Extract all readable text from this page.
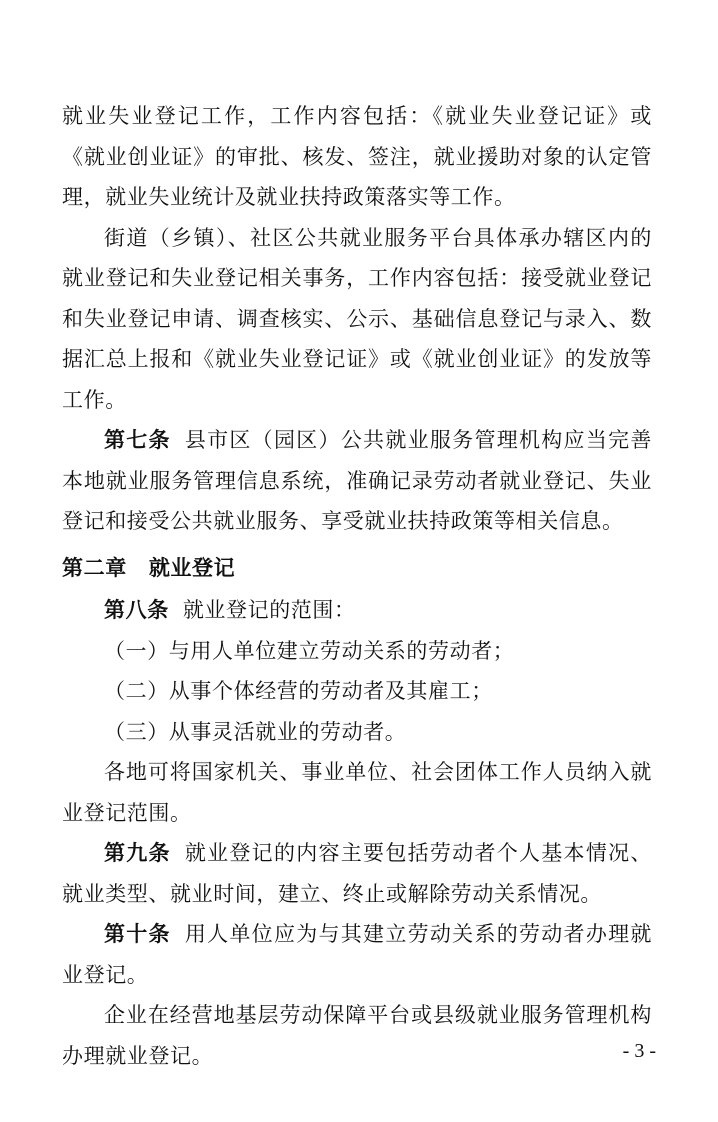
就业失业登记工作，工作内容包括：《就业失业登记证》或《就业创业证》的审批、核发、签注，就业援助对象的认定管理，就业失业统计及就业扶持政策落实等工作。

街道（乡镇）、社区公共就业服务平台具体承办辖区内的就业登记和失业登记相关事务，工作内容包括：接受就业登记和失业登记申请、调查核实、公示、基础信息登记与录入、数据汇总上报和《就业失业登记证》或《就业创业证》的发放等工作。

第七条 县市区（园区）公共就业服务管理机构应当完善本地就业服务管理信息系统，准确记录劳动者就业登记、失业登记和接受公共就业服务、享受就业扶持政策等相关信息。

第二章 就业登记

第八条 就业登记的范围：

（一）与用人单位建立劳动关系的劳动者；

（二）从事个体经营的劳动者及其雇工；

（三）从事灵活就业的劳动者。

各地可将国家机关、事业单位、社会团体工作人员纳入就业登记范围。

第九条 就业登记的内容主要包括劳动者个人基本情况、就业类型、就业时间，建立、终止或解除劳动关系情况。

第十条 用人单位应为与其建立劳动关系的劳动者办理就业登记。

企业在经营地基层劳动保障平台或县级就业服务管理机构办理就业登记。	- 3 -
